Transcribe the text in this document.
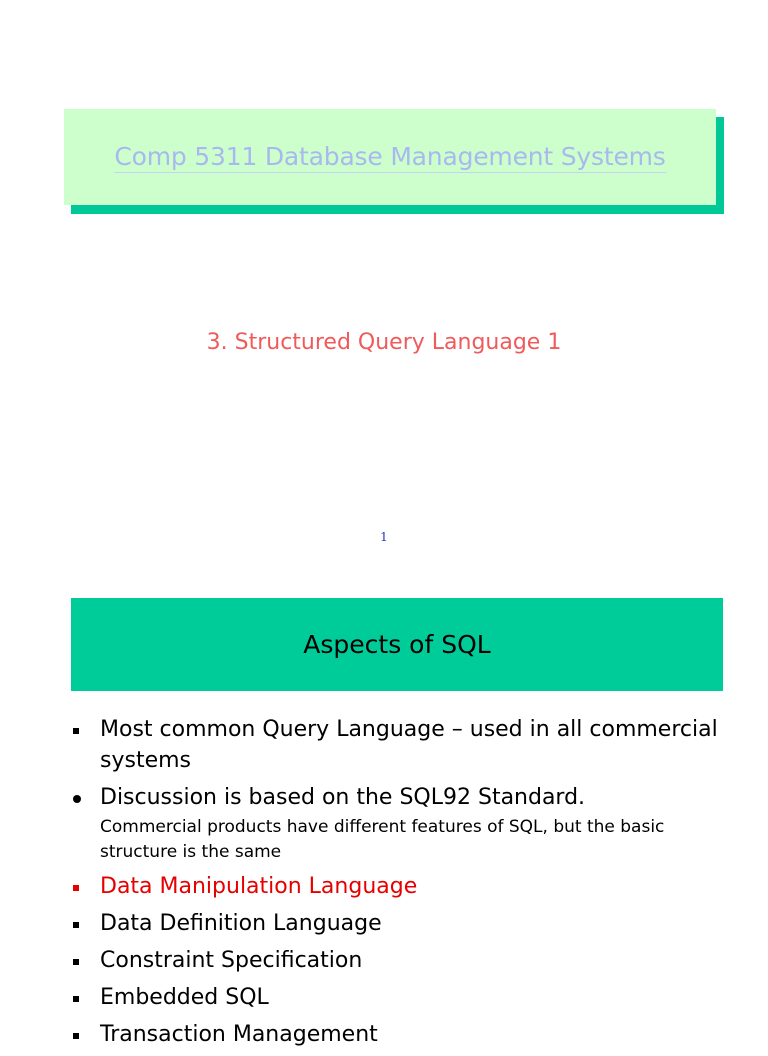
Comp 5311 Database Management Systems
3. Structured Query Language 1
1
Aspects of SQL
Most common Query Language – used in all commercial systems
Discussion is based on the SQL92 Standard.
Commercial products have different features of SQL, but the basic structure is the same
Data Manipulation Language
Data Definition Language
Constraint Specification
Embedded SQL
Transaction Management
